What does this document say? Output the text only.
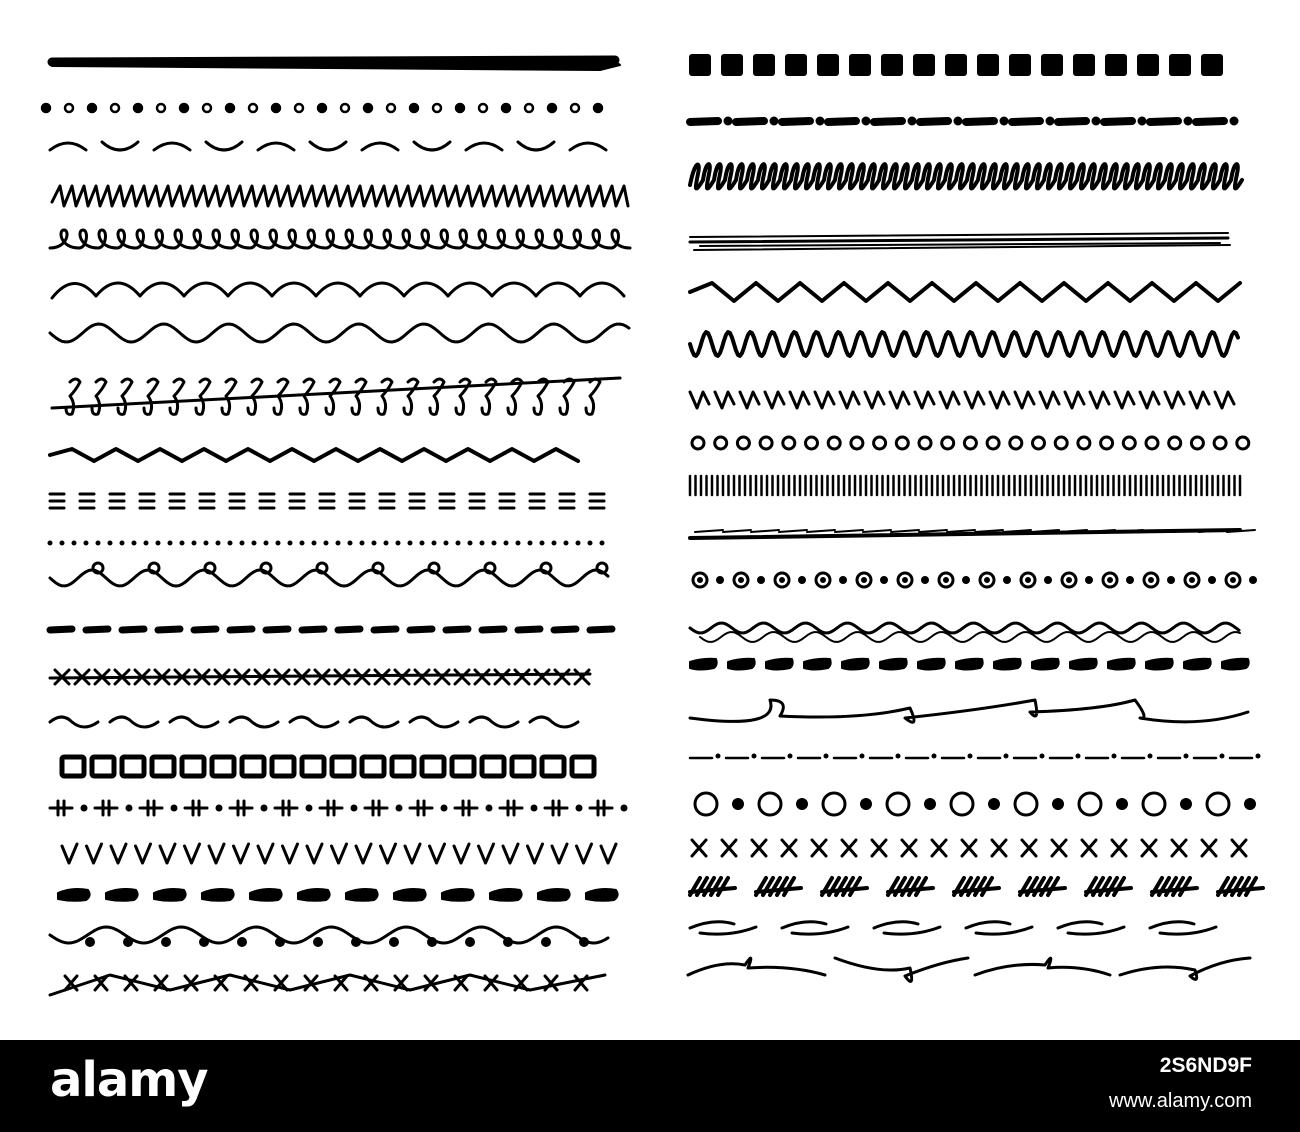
alamy	2S6ND9F
www.alamy.com
